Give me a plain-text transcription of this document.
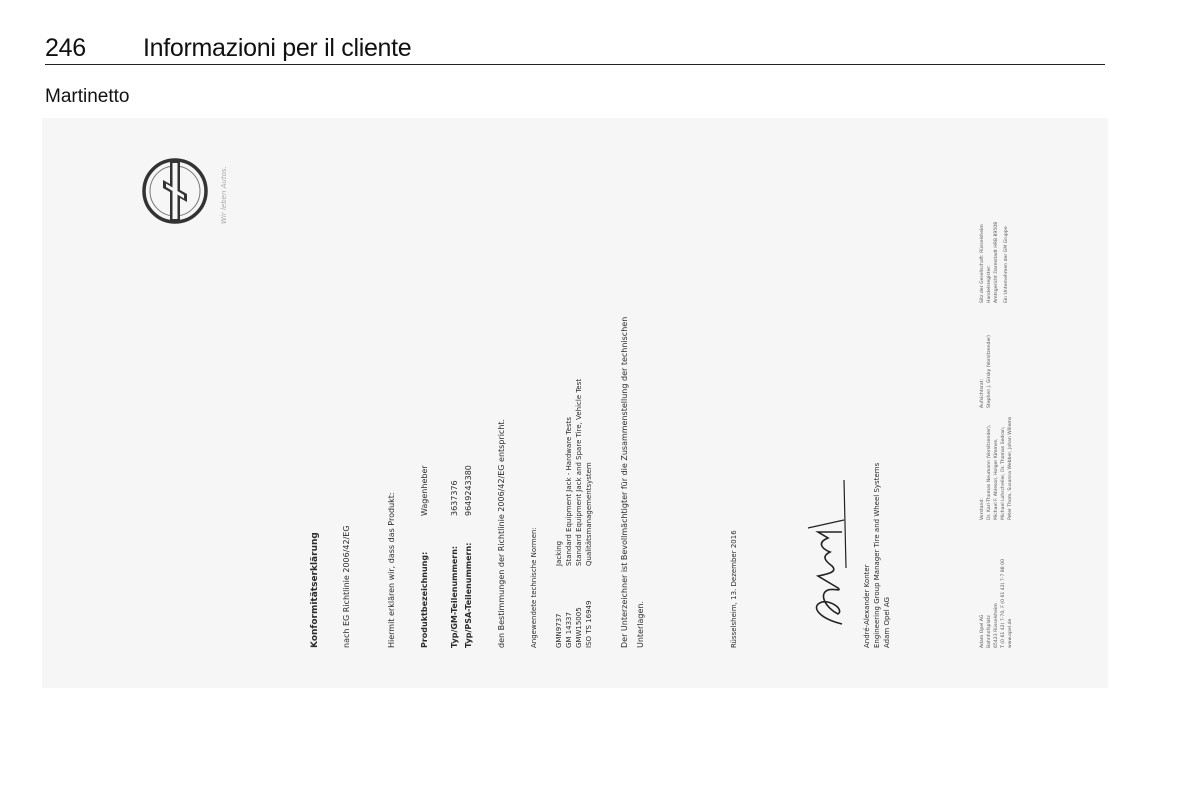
246 Informazioni per il cliente
Martinetto
Wir leben Autos.
Konformitätserklärung	nach EG Richtlinie 2006/42/EG	Hiermit erklären wir, dass das Produkt:	Produktbezeichnung:
Wagenheber
Typ/GM-Teilenummern:
3637376
Typ/PSA-Teilenummern:
9649243380	den Bestimmungen der Richtlinie 2006/42/EG entspricht.	Angewendete technische Normen: GMN9737
Jacking
GM 14337
Standard Equipment Jack - Hardware Tests
GMW15005
Standard Equipment Jack and Spare Tire, Vehicle Test
ISO TS 16949
Qualitätsmanagementsystem	Der Unterzeichner ist Bevollmächtigter für die Zusammenstellung der technischen Unterlagen.	Rüsselsheim, 13. Dezember 2016	André-Alexander Konter Engineering Group Manager Tire and Wheel Systems Adam Opel AG	Adam Opel AG Bahnhofsplatz 65423 Rüsselsheim T (0 61 42) 7-70, F (0 61 42) 7-7 88 00 www.opel.de
Vorstand: Dr. Karl-Thomas Neumann (Vorsitzender), Michael F. Ableson, Holger Kimmes, Michael Lohscheller, Dr. Thomas Sedran, Peter Thom, Susanna Webber, Johan Willems
Aufsichtsrat: Stephen J. Girsky (Vorsitzender)
Sitz der Gesellschaft: Rüsselsheim Handelsregister: Amtsgericht Darmstadt HRB 89508 Ein Unternehmen der GM Gruppe
